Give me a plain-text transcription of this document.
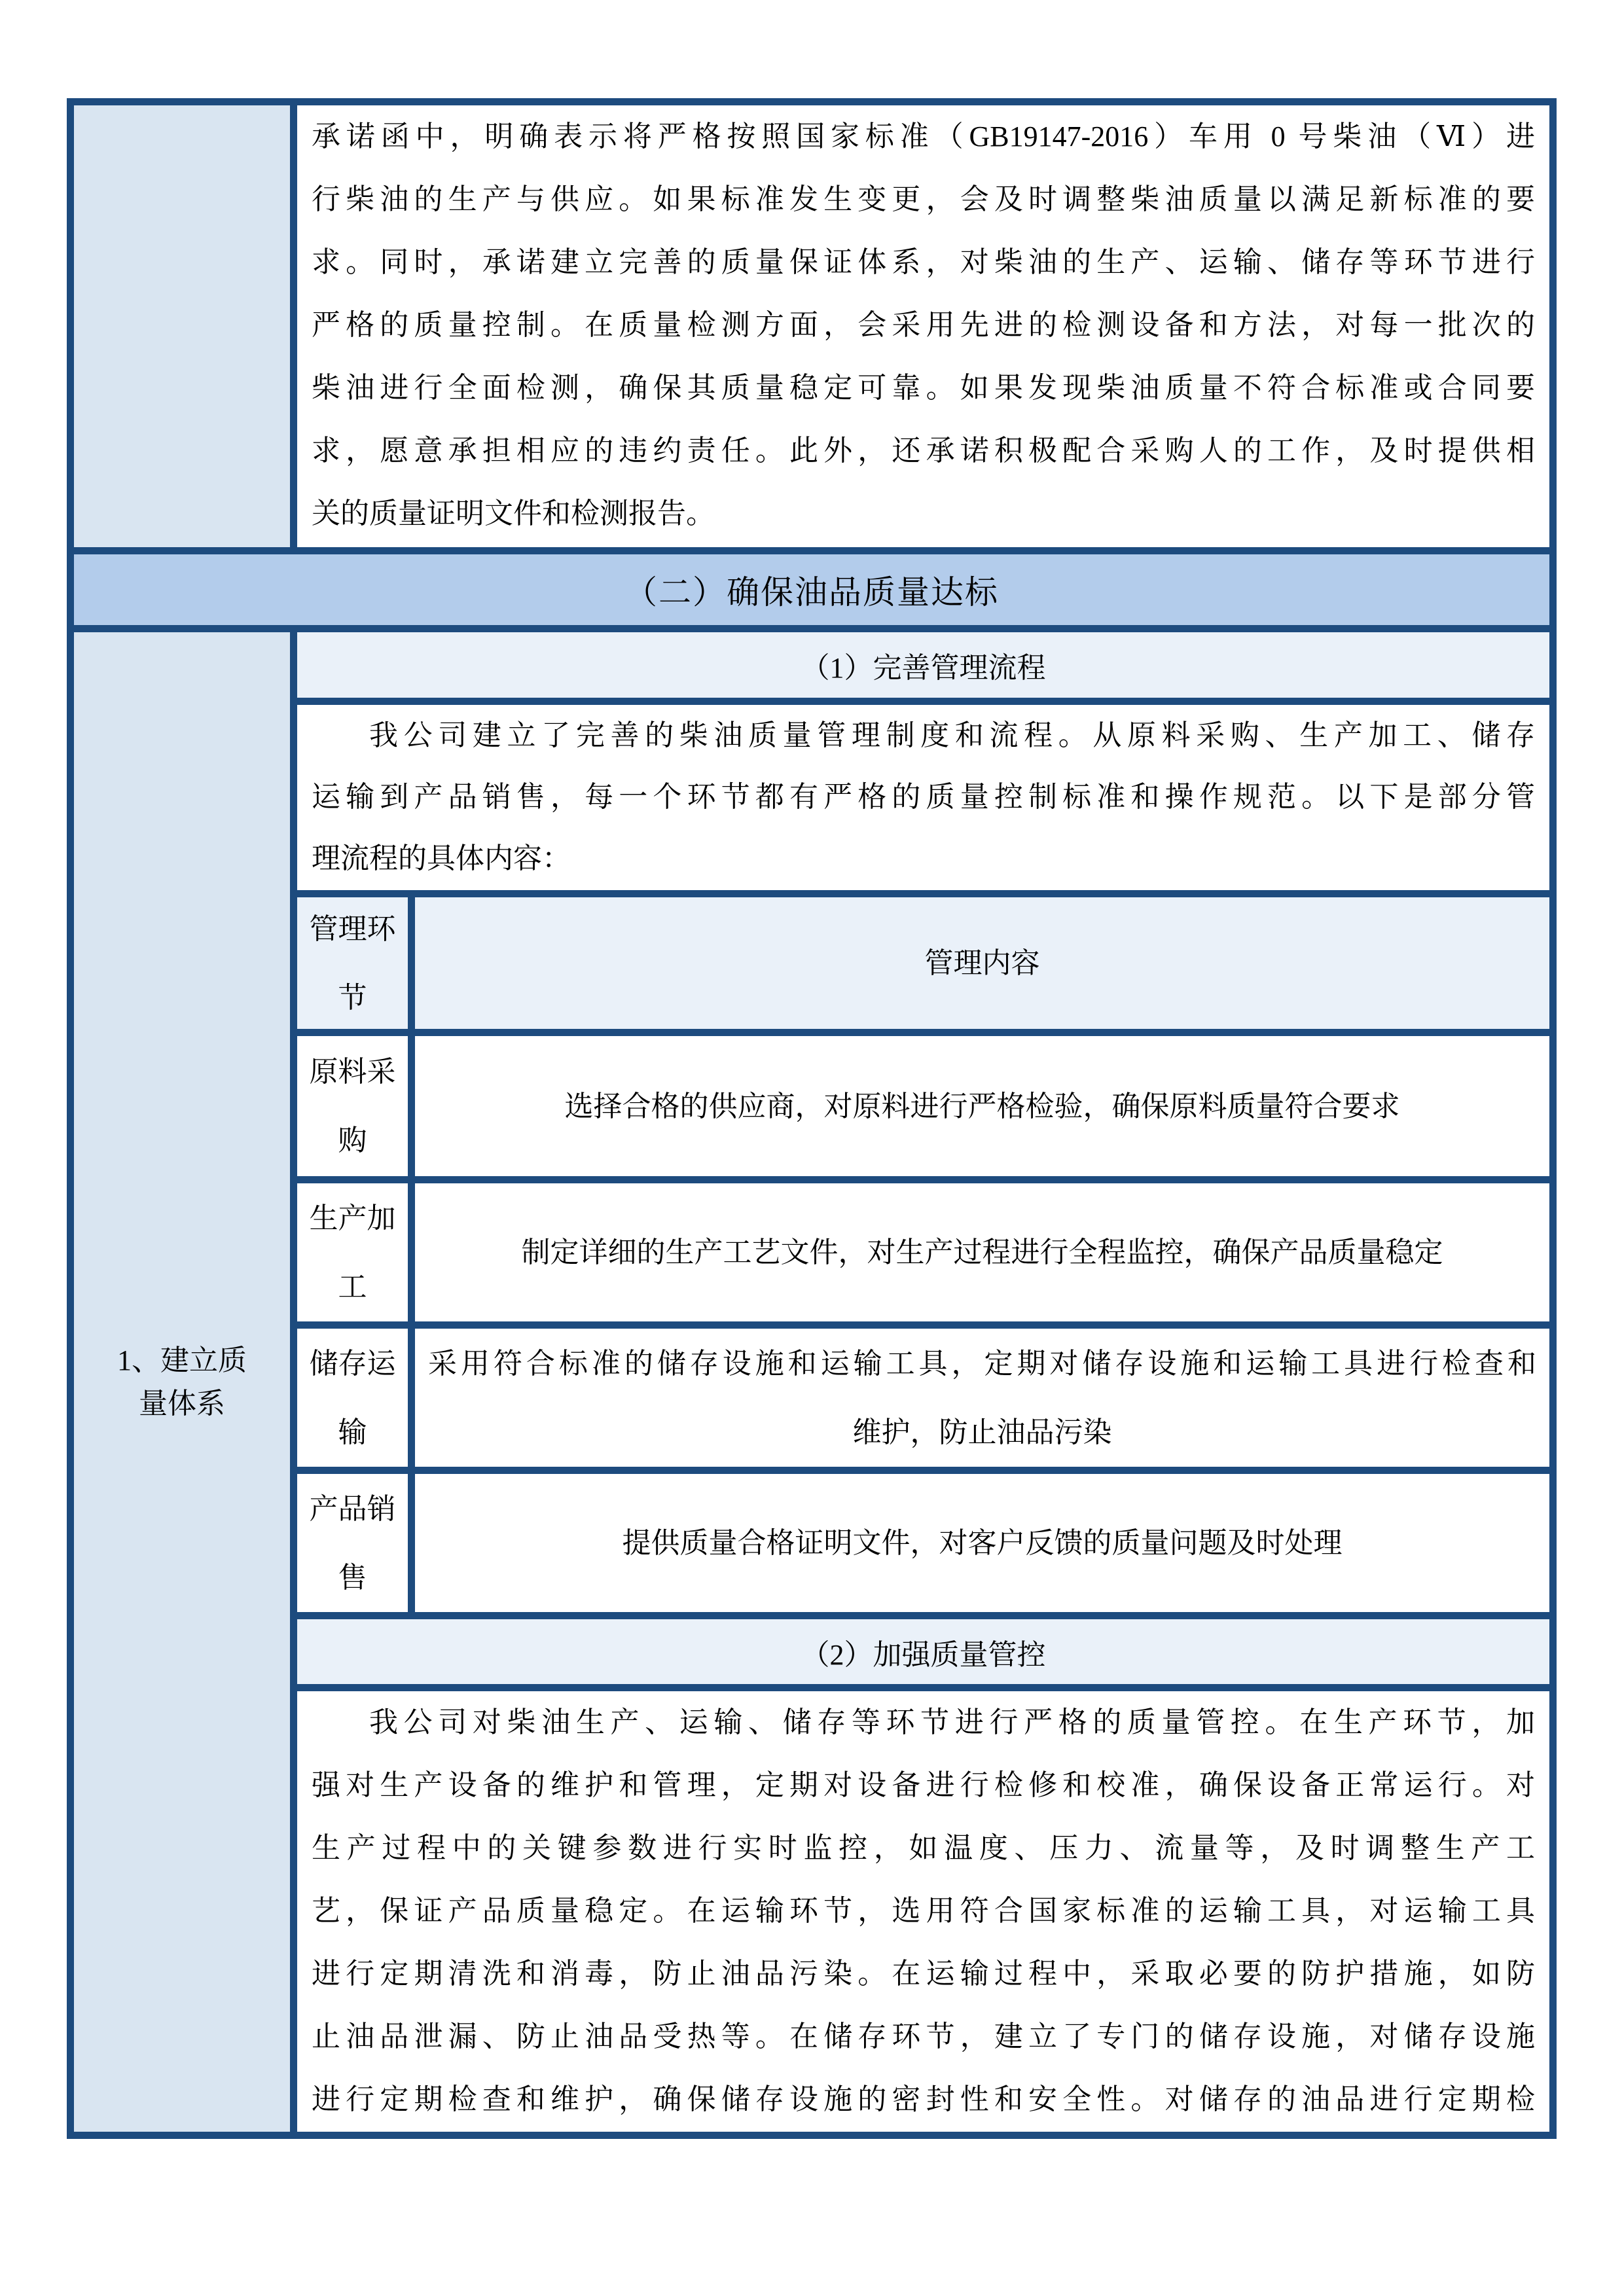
承诺函中，明确表示将严格按照国家标准（GB19147-2016）车用 0 号柴油（Ⅵ）进
行柴油的生产与供应。如果标准发生变更，会及时调整柴油质量以满足新标准的要
求。同时，承诺建立完善的质量保证体系，对柴油的生产、运输、储存等环节进行
严格的质量控制。在质量检测方面，会采用先进的检测设备和方法，对每一批次的
柴油进行全面检测，确保其质量稳定可靠。如果发现柴油质量不符合标准或合同要
求，愿意承担相应的违约责任。此外，还承诺积极配合采购人的工作，及时提供相
关的质量证明文件和检测报告。
（二）确保油品质量达标
1、建立质
量体系
（1）完善管理流程
我公司建立了完善的柴油质量管理制度和流程。从原料采购、生产加工、储存
运输到产品销售，每一个环节都有严格的质量控制标准和操作规范。以下是部分管
理流程的具体内容：
管理环节
管理内容
原料采购
选择合格的供应商，对原料进行严格检验，确保原料质量符合要求
生产加工
制定详细的生产工艺文件，对生产过程进行全程监控，确保产品质量稳定
储存运输
采用符合标准的储存设施和运输工具，定期对储存设施和运输工具进行检查和
维护，防止油品污染
产品销售
提供质量合格证明文件，对客户反馈的质量问题及时处理
（2）加强质量管控
我公司对柴油生产、运输、储存等环节进行严格的质量管控。在生产环节，加
强对生产设备的维护和管理，定期对设备进行检修和校准，确保设备正常运行。对
生产过程中的关键参数进行实时监控，如温度、压力、流量等，及时调整生产工
艺，保证产品质量稳定。在运输环节，选用符合国家标准的运输工具，对运输工具
进行定期清洗和消毒，防止油品污染。在运输过程中，采取必要的防护措施，如防
止油品泄漏、防止油品受热等。在储存环节，建立了专门的储存设施，对储存设施
进行定期检查和维护，确保储存设施的密封性和安全性。对储存的油品进行定期检
